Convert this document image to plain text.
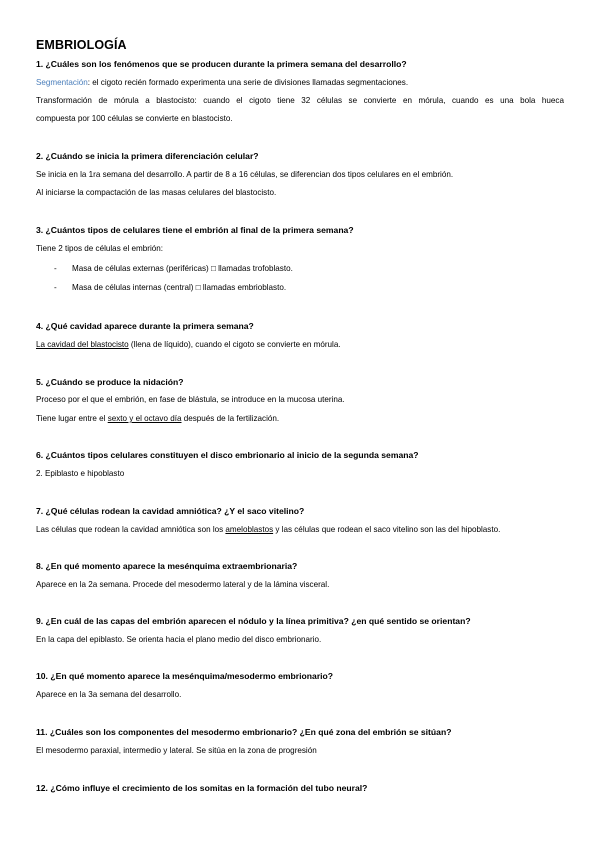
EMBRIOLOGÍA
1. ¿Cuáles son los fenómenos que se producen durante la primera semana del desarrollo?
Segmentación: el cigoto recién formado experimenta una serie de divisiones llamadas segmentaciones.
Transformación de mórula a blastocisto: cuando el cigoto tiene 32 células se convierte en mórula, cuando es una bola hueca
compuesta por 100 células se convierte en blastocisto.
2. ¿Cuándo se inicia la primera diferenciación celular?
Se inicia en la 1ra semana del desarrollo. A partir de 8 a 16 células, se diferencian dos tipos celulares en el embrión.
Al iniciarse la compactación de las masas celulares del blastocisto.
3. ¿Cuántos tipos de celulares tiene el embrión al final de la primera semana?
Tiene 2 tipos de células el embrión:
- Masa de células externas (periféricas) □ llamadas trofoblasto.
- Masa de células internas (central) □ llamadas embrioblasto.
4. ¿Qué cavidad aparece durante la primera semana?
La cavidad del blastocisto (llena de líquido), cuando el cigoto se convierte en mórula.
5. ¿Cuándo se produce la nidación?
Proceso por el que el embrión, en fase de blástula, se introduce en la mucosa uterina.
Tiene lugar entre el sexto y el octavo día después de la fertilización.
6. ¿Cuántos tipos celulares constituyen el disco embrionario al inicio de la segunda semana?
2. Epiblasto e hipoblasto
7. ¿Qué células rodean la cavidad amniótica? ¿Y el saco vitelino?
Las células que rodean la cavidad amniótica son los ameloblastos y las células que rodean el saco vitelino son las del hipoblasto.
8. ¿En qué momento aparece la mesénquima extraembrionaria?
Aparece en la 2a semana. Procede del mesodermo lateral y de la lámina visceral.
9. ¿En cuál de las capas del embrión aparecen el nódulo y la línea primitiva? ¿en qué sentido se orientan?
En la capa del epiblasto. Se orienta hacia el plano medio del disco embrionario.
10. ¿En qué momento aparece la mesénquima/mesodermo embrionario?
Aparece en la 3a semana del desarrollo.
11. ¿Cuáles son los componentes del mesodermo embrionario? ¿En qué zona del embrión se sitúan?
El mesodermo paraxial, intermedio y lateral. Se sitúa en la zona de progresión
12. ¿Cómo influye el crecimiento de los somitas en la formación del tubo neural?
